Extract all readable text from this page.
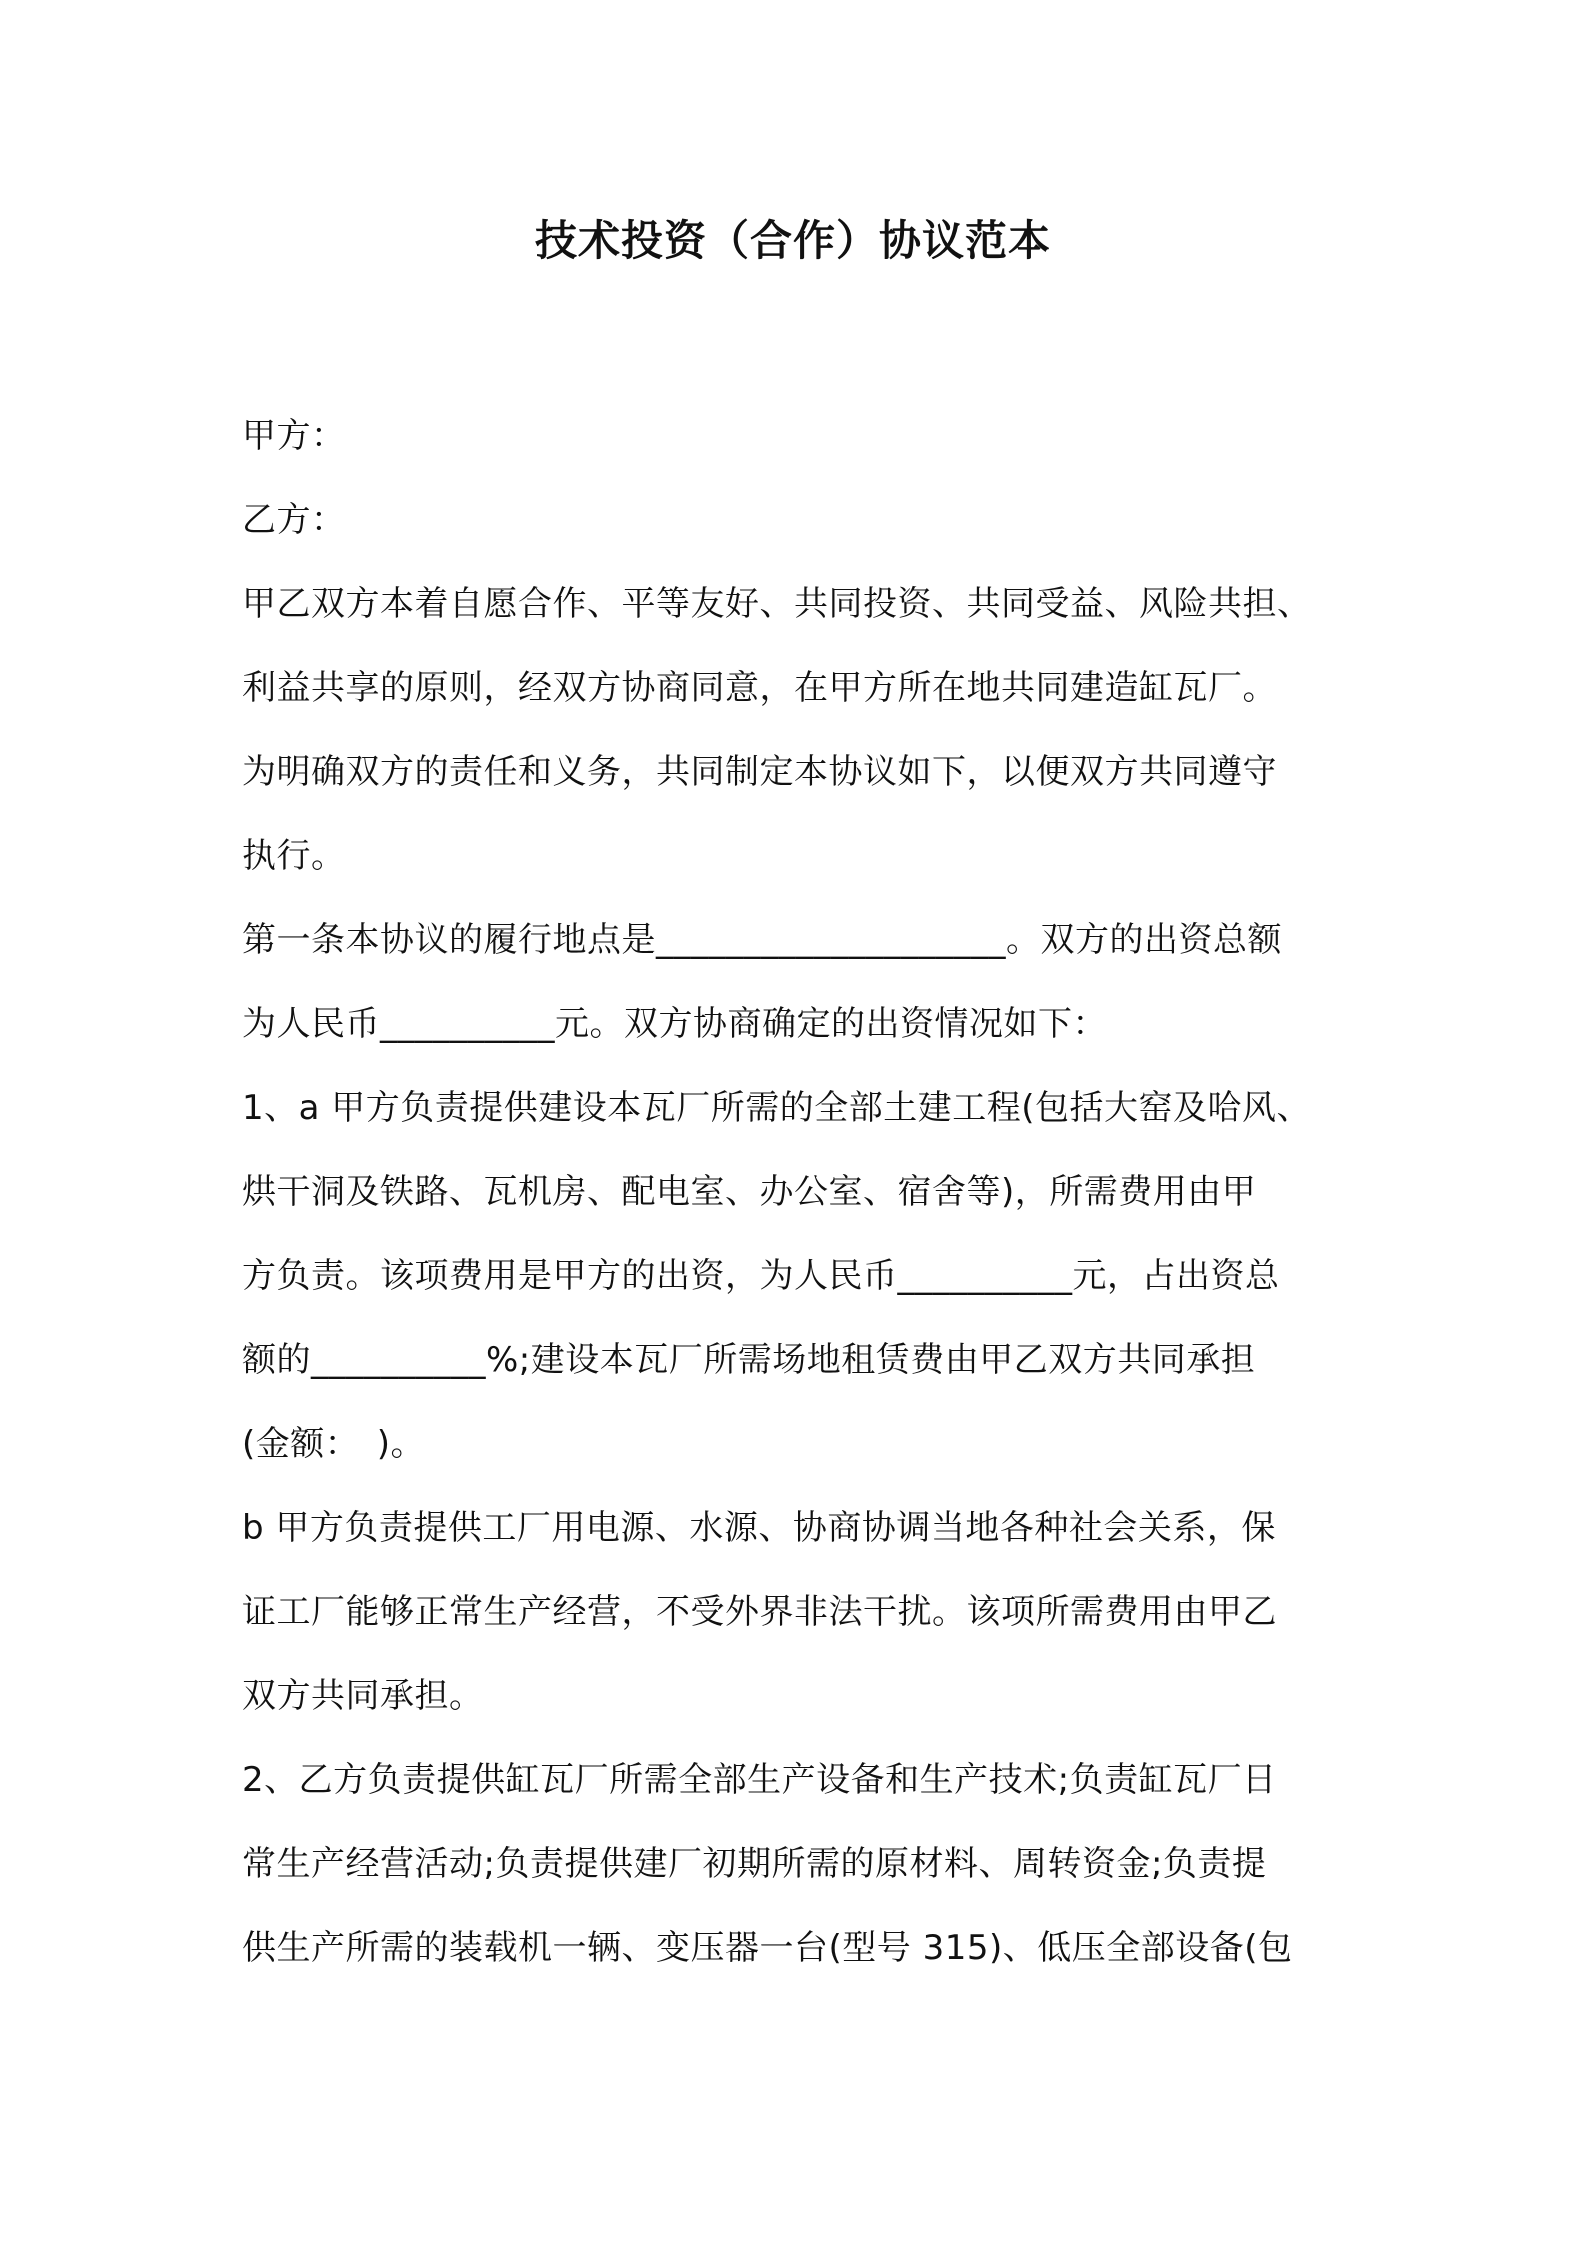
技术投资（合作）协议范本
甲方：
乙方：
甲乙双方本着自愿合作、平等友好、共同投资、共同受益、风险共担、
利益共享的原则，经双方协商同意，在甲方所在地共同建造缸瓦厂。
为明确双方的责任和义务，共同制定本协议如下，以便双方共同遵守
执行。
第一条本协议的履行地点是____________________。双方的出资总额
为人民币__________元。双方协商确定的出资情况如下：
1、a 甲方负责提供建设本瓦厂所需的全部土建工程(包括大窑及哈风、
烘干洞及铁路、瓦机房、配电室、办公室、宿舍等)，所需费用由甲
方负责。该项费用是甲方的出资，为人民币__________元，占出资总
额的__________%;建设本瓦厂所需场地租赁费由甲乙双方共同承担
(金额：　)。
b 甲方负责提供工厂用电源、水源、协商协调当地各种社会关系，保
证工厂能够正常生产经营，不受外界非法干扰。该项所需费用由甲乙
双方共同承担。
2、乙方负责提供缸瓦厂所需全部生产设备和生产技术;负责缸瓦厂日
常生产经营活动;负责提供建厂初期所需的原材料、周转资金;负责提
供生产所需的装载机一辆、变压器一台(型号 315)、低压全部设备(包
